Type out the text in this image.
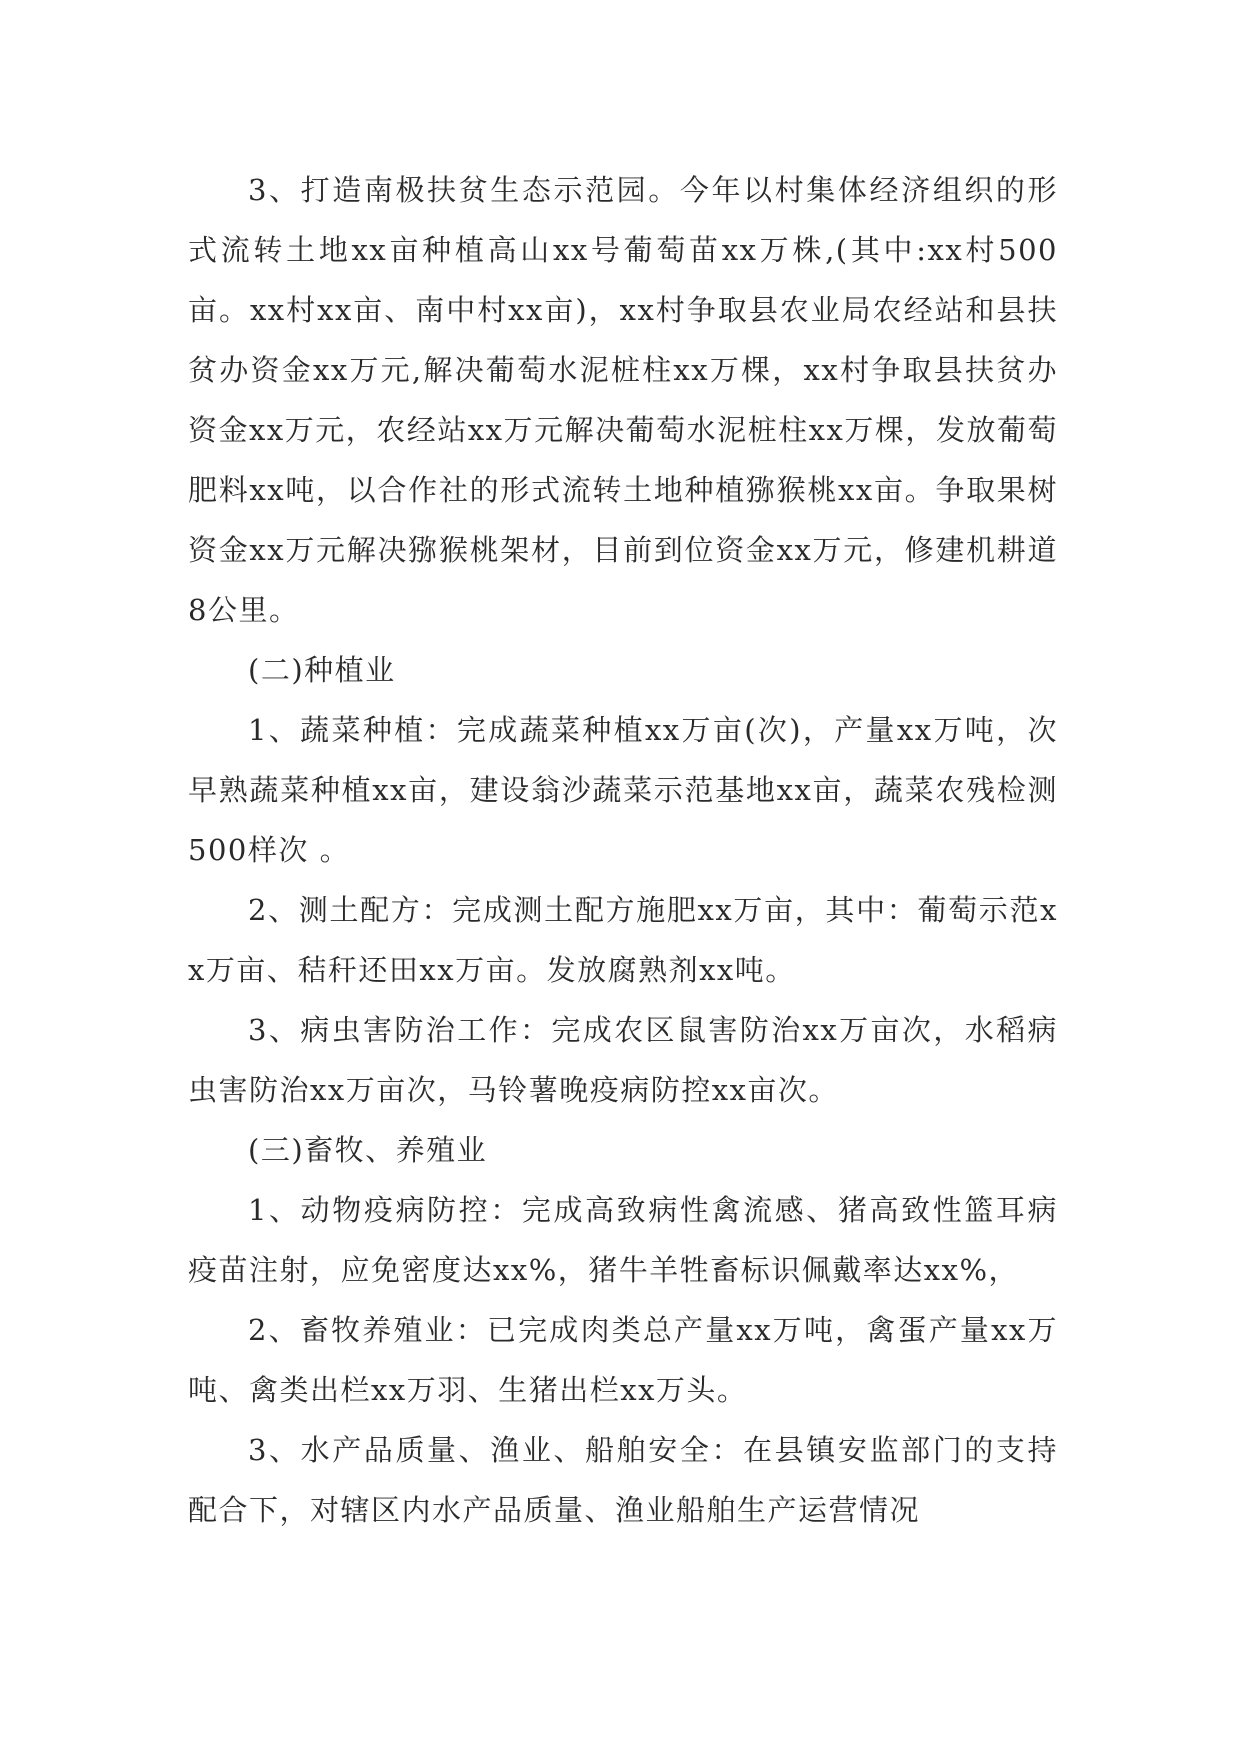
3、打造南极扶贫生态示范园。今年以村集体经济组织的形式流转土地xx亩种植高山xx号葡萄苗xx万株,(其中:xx村500亩。xx村xx亩、南中村xx亩)，xx村争取县农业局农经站和县扶贫办资金xx万元,解决葡萄水泥桩柱xx万棵，xx村争取县扶贫办资金xx万元，农经站xx万元解决葡萄水泥桩柱xx万棵，发放葡萄肥料xx吨，以合作社的形式流转土地种植猕猴桃xx亩。争取果树资金xx万元解决猕猴桃架材，目前到位资金xx万元，修建机耕道8公里。

(二)种植业

1、蔬菜种植：完成蔬菜种植xx万亩(次)，产量xx万吨，次早熟蔬菜种植xx亩，建设翁沙蔬菜示范基地xx亩，蔬菜农残检测500样次 。

2、测土配方：完成测土配方施肥xx万亩，其中：葡萄示范xx万亩、秸秆还田xx万亩。发放腐熟剂xx吨。

3、病虫害防治工作：完成农区鼠害防治xx万亩次，水稻病虫害防治xx万亩次，马铃薯晚疫病防控xx亩次。

(三)畜牧、养殖业

1、动物疫病防控：完成高致病性禽流感、猪高致性篮耳病疫苗注射，应免密度达xx%，猪牛羊牲畜标识佩戴率达xx%，

2、畜牧养殖业：已完成肉类总产量xx万吨，禽蛋产量xx万吨、禽类出栏xx万羽、生猪出栏xx万头。

3、水产品质量、渔业、船舶安全：在县镇安监部门的支持配合下，对辖区内水产品质量、渔业船舶生产运营情况
